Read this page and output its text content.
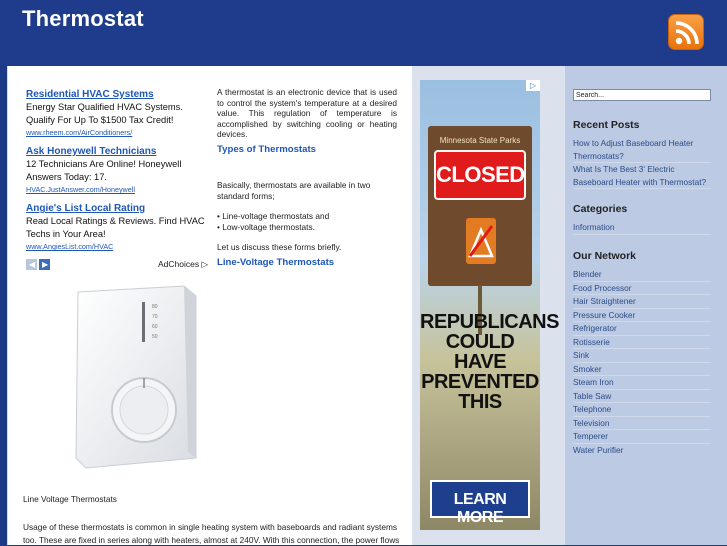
Thermostat
Residential HVAC Systems
Energy Star Qualified HVAC Systems. Qualify For Up To $1500 Tax Credit!
www.rheem.com/AirConditioners/
Ask Honeywell Technicians
12 Technicians Are Online! Honeywell Answers Today: 17.
HVAC.JustAnswer.com/Honeywell
Angie's List Local Rating
Read Local Ratings & Reviews. Find HVAC Techs in Your Area!
www.AngiesList.com/HVAC
◀ ▶	AdChoices ▷
80
70
60
50
Line Voltage Thermostats
Usage of these thermostats is common in single heating system with baseboards and radiant systems too. These are fixed in series along with heaters, almost at 240V. With this connection, the power flows

A thermostat is an electronic device that is used to control the system's temperature at a desired value. This regulation of temperature is accomplished by switching cooling or heating devices.

Types of Thermostats

Basically, thermostats are available in two standard forms;

• Line-voltage thermostats and

• Low-voltage thermostats.

Let us discuss these forms briefly.

Line-Voltage Thermostats
▷
Minnesota State Parks
CLOSED
REPUBLICANS
COULD HAVE
PREVENTED
THIS
LEARN MORE
Search...
Recent Posts
How to Adjust Baseboard Heater Thermostats?
What Is The Best 3' Electric Baseboard Heater with Thermostat?
Categories
Information
Our Network
Blender
Food Processor
Hair Straightener
Pressure Cooker
Refrigerator
Rotisserie
Sink
Smoker
Steam Iron
Table Saw
Telephone
Television
Temperer
Water Purifier
